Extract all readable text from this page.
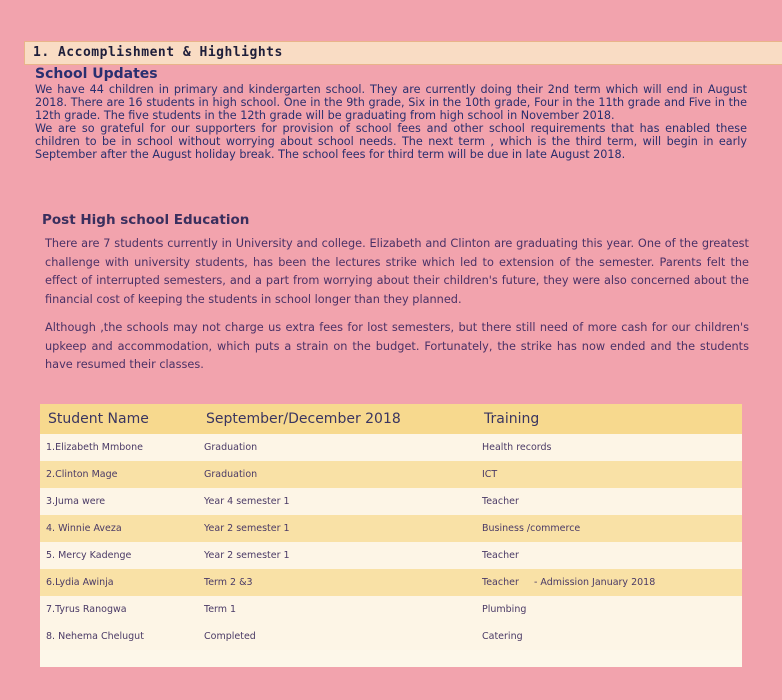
1. Accomplishment & Highlights
School Updates

We have 44 children in primary and kindergarten school. They are currently doing their 2nd term which will end in August 2018. There are 16 students in high school. One in the 9th grade, Six in the 10th grade, Four in the 11th grade and Five in the 12th grade. The five students in the 12th grade will be graduating from high school in November 2018.

We are so grateful for our supporters for provision of school fees and other school requirements that has enabled these children to be in school without worrying about school needs. The next term , which is the third term, will begin in early September after the August holiday break. The school fees for third term will be due in late August 2018.

Post High school Education

There are 7 students currently in University and college. Elizabeth and Clinton are graduating this year. One of the greatest challenge with university students, has been the lectures strike which led to extension of the semester. Parents felt the effect of interrupted semesters, and a part from worrying about their children's future, they were also concerned about the financial cost of keeping the students in school longer than they planned.

Although ,the schools may not charge us extra fees for lost semesters, but there still need of more cash for our children's upkeep and accommodation, which puts a strain on the budget. Fortunately, the strike has now ended and the students have resumed their classes.

Student Name	September/December 2018	Training
1.Elizabeth Mmbone	Graduation	Health records
2.Clinton Mage	Graduation	ICT
3.Juma were	Year 4 semester 1	Teacher
4. Winnie Aveza	Year 2 semester 1	Business /commerce
5. Mercy Kadenge	Year 2 semester 1	Teacher
6.Lydia Awinja	Term 2 &3	Teacher     - Admission January 2018
7.Tyrus Ranogwa	Term 1	Plumbing
8. Nehema Chelugut	Completed	Catering
